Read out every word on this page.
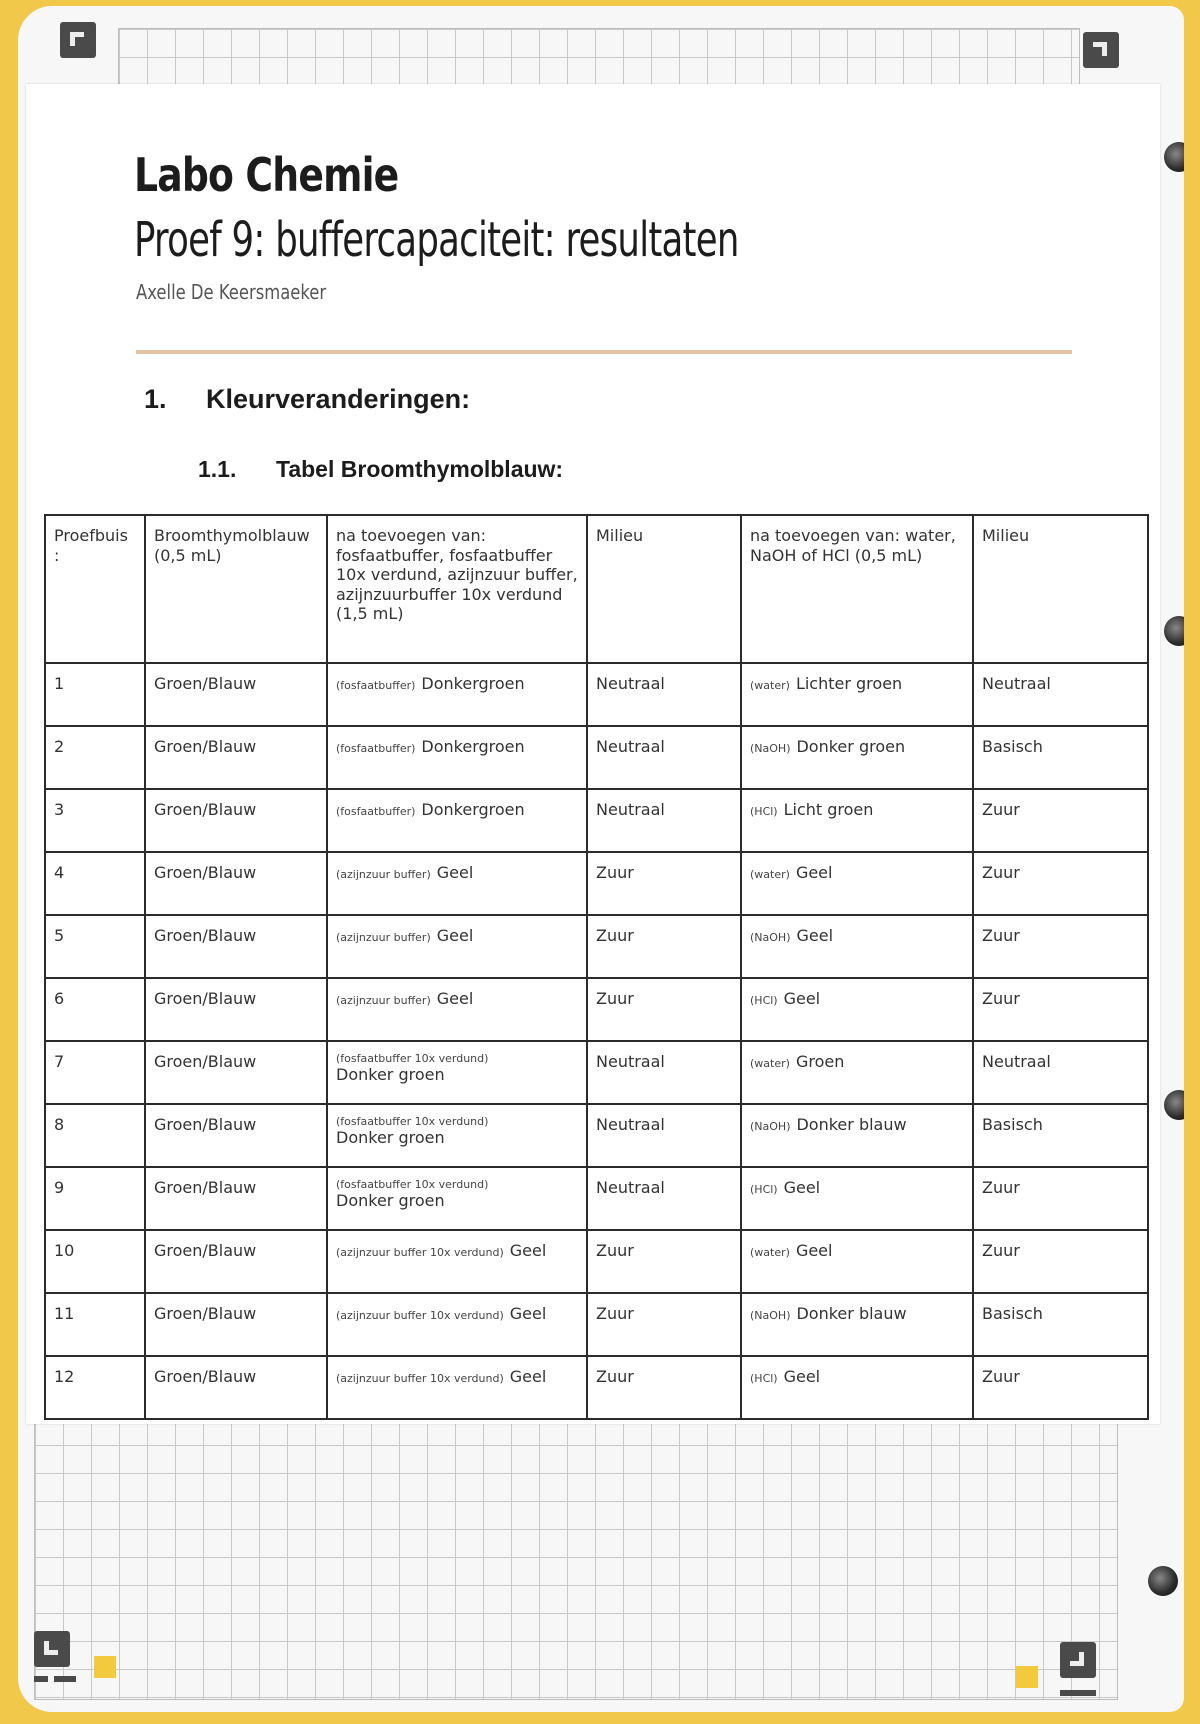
Labo Chemie
Proef 9: buffercapaciteit: resultaten
Axelle De Keersmaeker
1. Kleurveranderingen:
1.1. Tabel Broomthymolblauw:
Proefbuis :	Broomthymolblauw (0,5 mL)	na toevoegen van: fosfaatbuffer, fosfaatbuffer 10x verdund, azijnzuur buffer, azijnzuurbuffer 10x verdund (1,5 mL)	Milieu	na toevoegen van: water, NaOH of HCl (0,5 mL)	Milieu
1	Groen/Blauw	(fosfaatbuffer) Donkergroen	Neutraal	(water) Lichter groen	Neutraal
2	Groen/Blauw	(fosfaatbuffer) Donkergroen	Neutraal	(NaOH) Donker groen	Basisch
3	Groen/Blauw	(fosfaatbuffer) Donkergroen	Neutraal	(HCl) Licht groen	Zuur
4	Groen/Blauw	(azijnzuur buffer) Geel	Zuur	(water) Geel	Zuur
5	Groen/Blauw	(azijnzuur buffer) Geel	Zuur	(NaOH) Geel	Zuur
6	Groen/Blauw	(azijnzuur buffer) Geel	Zuur	(HCl) Geel	Zuur
7	Groen/Blauw	(fosfaatbuffer 10x verdund)
Donker groen	Neutraal	(water) Groen	Neutraal
8	Groen/Blauw	(fosfaatbuffer 10x verdund)
Donker groen	Neutraal	(NaOH) Donker blauw	Basisch
9	Groen/Blauw	(fosfaatbuffer 10x verdund)
Donker groen	Neutraal	(HCl) Geel	Zuur
10	Groen/Blauw	(azijnzuur buffer 10x verdund) Geel	Zuur	(water) Geel	Zuur
11	Groen/Blauw	(azijnzuur buffer 10x verdund) Geel	Zuur	(NaOH) Donker blauw	Basisch
12	Groen/Blauw	(azijnzuur buffer 10x verdund) Geel	Zuur	(HCl) Geel	Zuur
